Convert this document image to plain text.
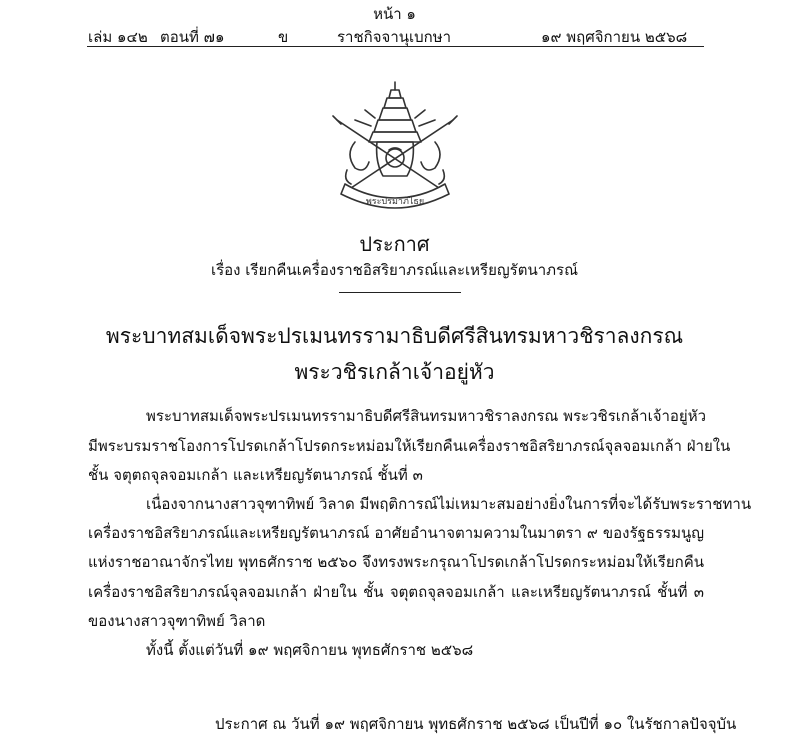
หน้า ๑
เล่ม ๑๔๒ ตอนที่ ๗๑	ข	ราชกิจจานุเบกษา	๑๙ พฤศจิกายน ๒๕๖๘
พระปรมาภิไธย
ประกาศ
เรื่อง เรียกคืนเครื่องราชอิสริยาภรณ์และเหรียญรัตนาภรณ์
พระบาทสมเด็จพระปรเมนทรรามาธิบดีศรีสินทรมหาวชิราลงกรณ
พระวชิรเกล้าเจ้าอยู่หัว
พระบาทสมเด็จพระปรเมนทรรามาธิบดีศรีสินทรมหาวชิราลงกรณ พระวชิรเกล้าเจ้าอยู่หัว
มีพระบรมราชโองการโปรดเกล้าโปรดกระหม่อมให้เรียกคืนเครื่องราชอิสริยาภรณ์จุลจอมเกล้า ฝ่ายใน
ชั้น จตุตถจุลจอมเกล้า และเหรียญรัตนาภรณ์ ชั้นที่ ๓
เนื่องจากนางสาวจุฑาทิพย์ วิลาด มีพฤติการณ์ไม่เหมาะสมอย่างยิ่งในการที่จะได้รับพระราชทาน
เครื่องราชอิสริยาภรณ์และเหรียญรัตนาภรณ์ อาศัยอำนาจตามความในมาตรา ๙ ของรัฐธรรมนูญ
แห่งราชอาณาจักรไทย พุทธศักราช ๒๕๖๐ จึงทรงพระกรุณาโปรดเกล้าโปรดกระหม่อมให้เรียกคืน
เครื่องราชอิสริยาภรณ์จุลจอมเกล้า ฝ่ายใน ชั้น จตุตถจุลจอมเกล้า และเหรียญรัตนาภรณ์ ชั้นที่ ๓
ของนางสาวจุฑาทิพย์ วิลาด
ทั้งนี้ ตั้งแต่วันที่ ๑๙ พฤศจิกายน พุทธศักราช ๒๕๖๘
ประกาศ ณ วันที่ ๑๙ พฤศจิกายน พุทธศักราช ๒๕๖๘ เป็นปีที่ ๑๐ ในรัชกาลปัจจุบัน
